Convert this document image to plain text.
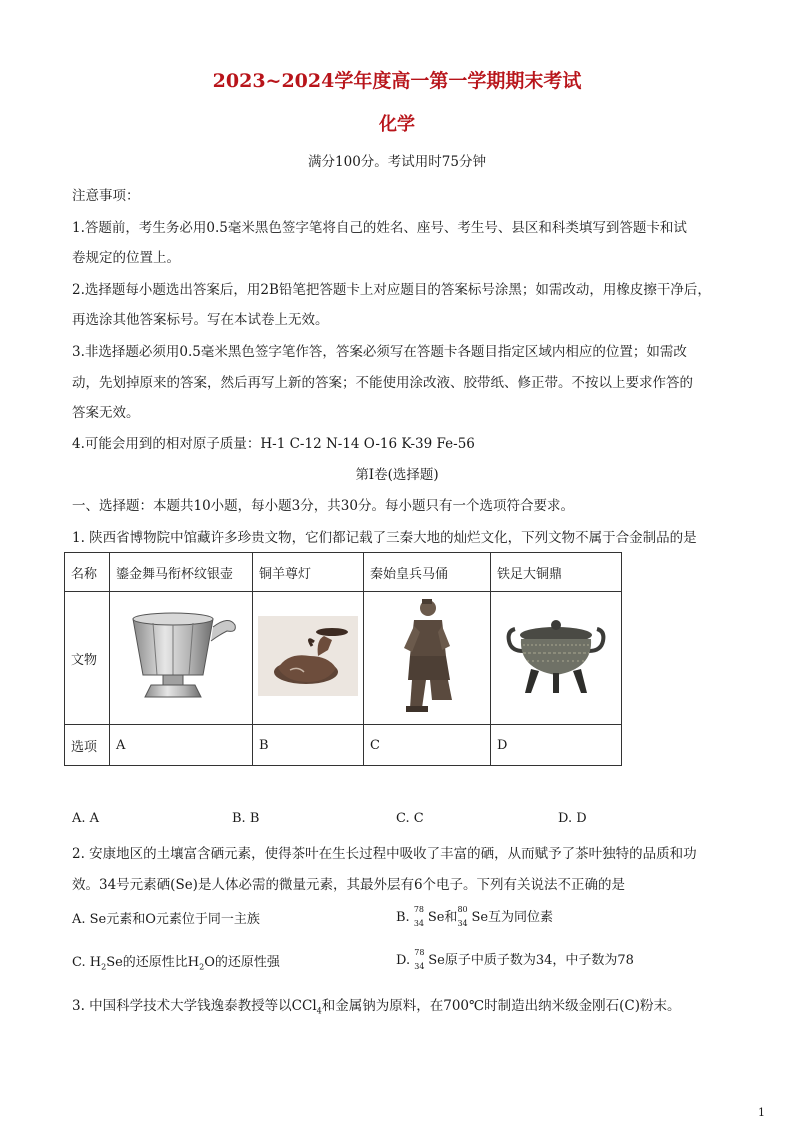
2023~2024学年度高一第一学期期末考试
化学
满分100分。考试用时75分钟
注意事项：
1.答题前，考生务必用0.5毫米黑色签字笔将自己的姓名、座号、考生号、县区和科类填写到答题卡和试
卷规定的位置上。
2.选择题每小题选出答案后，用2B铅笔把答题卡上对应题目的答案标号涂黑；如需改动，用橡皮擦干净后，
再选涂其他答案标号。写在本试卷上无效。
3.非选择题必须用0.5毫米黑色签字笔作答，答案必须写在答题卡各题目指定区域内相应的位置；如需改
动，先划掉原来的答案，然后再写上新的答案；不能使用涂改液、胶带纸、修正带。不按以上要求作答的
答案无效。
4.可能会用到的相对原子质量：H-1 C-12 N-14 O-16 K-39 Fe-56
第Ⅰ卷(选择题)
一、选择题：本题共10小题，每小题3分，共30分。每小题只有一个选项符合要求。
1. 陕西省博物院中馆藏许多珍贵文物，它们都记载了三秦大地的灿烂文化，下列文物不属于合金制品的是
名称	鎏金舞马衔杯纹银壶	铜羊尊灯	秦始皇兵马俑	铁足大铜鼎
文物				
选项	A	B	C	D
A. A	B. B	C. C	D. D
2. 安康地区的土壤富含硒元素，使得茶叶在生长过程中吸收了丰富的硒，从而赋予了茶叶独特的品质和功
效。34号元素硒(Se)是人体必需的微量元素，其最外层有6个电子。下列有关说法不正确的是
A. Se元素和O元素位于同一主族	B.
78
34 Se和
80
34 Se互为同位素
C. $H_2Se$的还原性比$H_2O$的还原性强	D.
78
34 Se原子中质子数为34，中子数为78
3. 中国科学技术大学钱逸泰教授等以CCl$_4$和金属钠为原料，在700℃时制造出纳米级金刚石(C)粉末。
1
